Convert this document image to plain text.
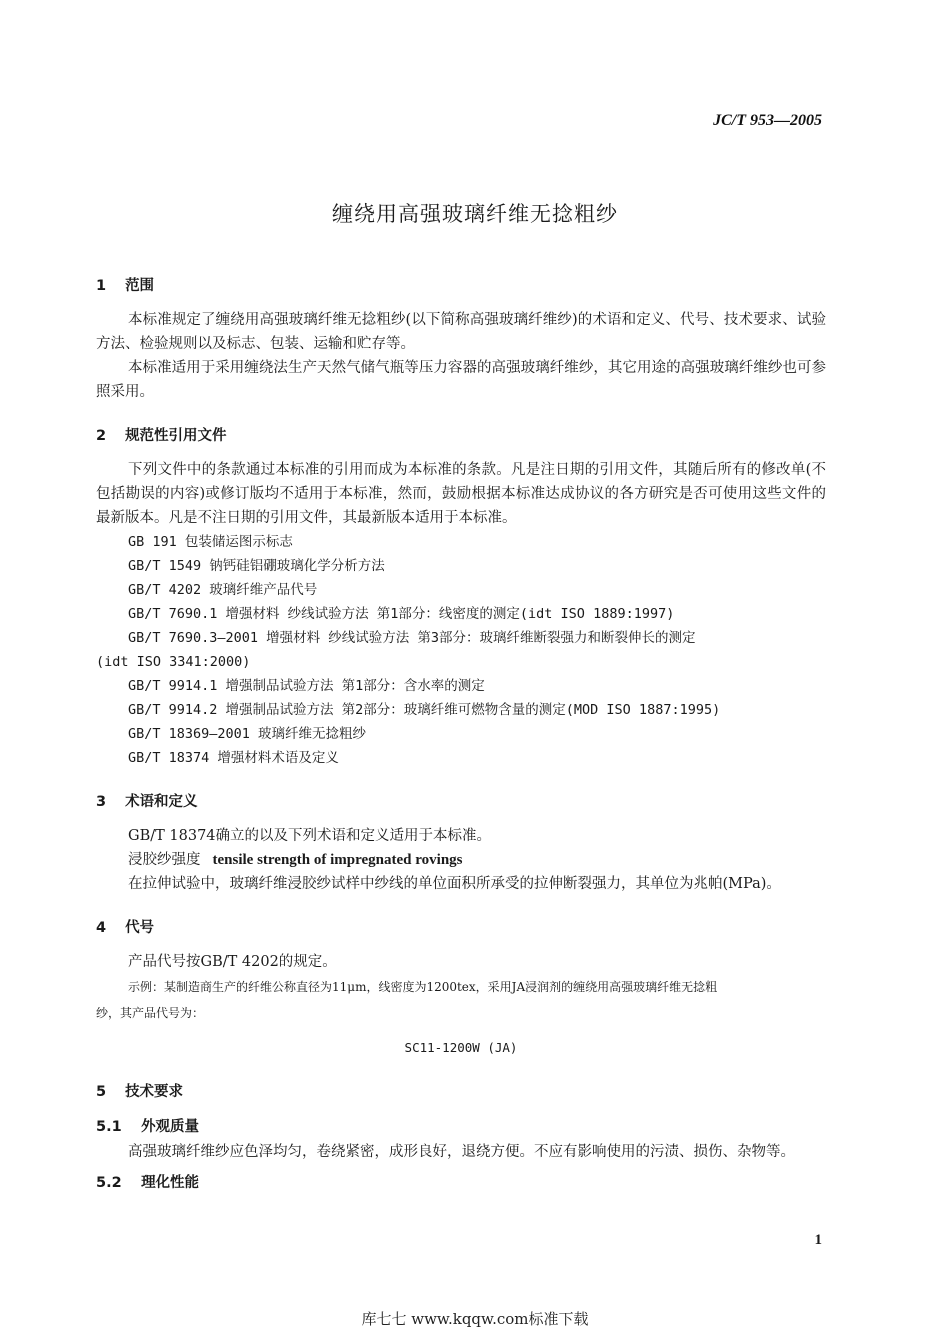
JC/T 953—2005
缠绕用高强玻璃纤维无捻粗纱
1 范围

本标准规定了缠绕用高强玻璃纤维无捻粗纱(以下简称高强玻璃纤维纱)的术语和定义、代号、技术要求、试验方法、检验规则以及标志、包装、运输和贮存等。

本标准适用于采用缠绕法生产天然气储气瓶等压力容器的高强玻璃纤维纱，其它用途的高强玻璃纤维纱也可参照采用。

2 规范性引用文件

下列文件中的条款通过本标准的引用而成为本标准的条款。凡是注日期的引用文件，其随后所有的修改单(不包括勘误的内容)或修订版均不适用于本标准，然而，鼓励根据本标准达成协议的各方研究是否可使用这些文件的最新版本。凡是不注日期的引用文件，其最新版本适用于本标准。

GB 191 包装储运图示标志
GB/T 1549 钠钙硅铝硼玻璃化学分析方法
GB/T 4202 玻璃纤维产品代号
GB/T 7690.1 增强材料 纱线试验方法 第1部分：线密度的测定(idt ISO 1889:1997)
GB/T 7690.3—2001 增强材料 纱线试验方法 第3部分：玻璃纤维断裂强力和断裂伸长的测定
(idt ISO 3341:2000)
GB/T 9914.1 增强制品试验方法 第1部分：含水率的测定
GB/T 9914.2 增强制品试验方法 第2部分：玻璃纤维可燃物含量的测定(MOD ISO 1887:1995)
GB/T 18369—2001 玻璃纤维无捻粗纱
GB/T 18374 增强材料术语及定义
3 术语和定义

GB/T 18374确立的以及下列术语和定义适用于本标准。

浸胶纱强度 tensile strength of impregnated rovings

在拉伸试验中，玻璃纤维浸胶纱试样中纱线的单位面积所承受的拉伸断裂强力，其单位为兆帕(MPa)。

4 代号

产品代号按GB/T 4202的规定。

示例：某制造商生产的纤维公称直径为11μm，线密度为1200tex，采用JA浸润剂的缠绕用高强玻璃纤维无捻粗
纱，其产品代号为：
SC11-1200W (JA)
5 技术要求
5.1 外观质量

高强玻璃纤维纱应色泽均匀，卷绕紧密，成形良好，退绕方便。不应有影响使用的污渍、损伤、杂物等。

5.2 理化性能
1
库七七 www.kqqw.com标准下载
